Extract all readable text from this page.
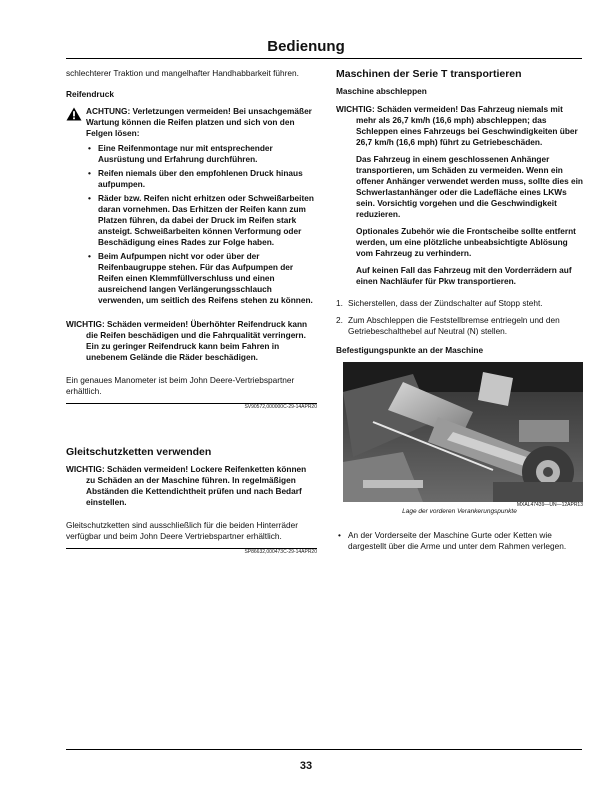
Bedienung

schlechterer Traktion und mangelhafter Handhabbarkeit führen.

Reifendruck

ACHTUNG: Verletzungen vermeiden! Bei unsachgemäßer Wartung können die Reifen platzen und sich von den Felgen lösen:

• Eine Reifenmontage nur mit entsprechender Ausrüstung und Erfahrung durchführen.
• Reifen niemals über den empfohlenen Druck hinaus aufpumpen.
• Räder bzw. Reifen nicht erhitzen oder Schweißarbeiten daran vornehmen. Das Erhitzen der Reifen kann zum Platzen führen, da dabei der Druck im Reifen stark ansteigt. Schweißarbeiten können Verformung oder Beschädigung eines Rades zur Folge haben.
• Beim Aufpumpen nicht vor oder über der Reifenbaugruppe stehen. Für das Aufpumpen der Reifen einen Klemmfüllverschluss und einen ausreichend langen Verlängerungsschlauch verwenden, um seitlich des Reifens stehen zu können.

WICHTIG: Schäden vermeiden! Überhöhter Reifendruck kann die Reifen beschädigen und die Fahrqualität verringern. Ein zu geringer Reifendruck kann beim Fahren in unebenem Gelände die Räder beschädigen.

Ein genaues Manometer ist beim John Deere-Vertriebspartner erhältlich.

SV90572,000000C-29-14APR20

Gleitschutzketten verwenden

WICHTIG: Schäden vermeiden! Lockere Reifenketten können zu Schäden an der Maschine führen. In regelmäßigen Abständen die Kettendichtheit prüfen und nach Bedarf einstellen.

Gleitschutzketten sind ausschließlich für die beiden Hinterräder verfügbar und beim John Deere Vertriebspartner erhältlich.

SP86632,000473C-29-14APR20

Maschinen der Serie T transportieren

Maschine abschleppen

WICHTIG: Schäden vermeiden! Das Fahrzeug niemals mit mehr als 26,7 km/h (16,6 mph) abschleppen; das Schleppen eines Fahrzeugs bei Geschwindigkeiten über 26,7 km/h (16,6 mph) führt zu Getriebeschäden.

Das Fahrzeug in einem geschlossenen Anhänger transportieren, um Schäden zu vermeiden. Wenn ein offener Anhänger verwendet werden muss, sollte dies ein Schwerlastanhänger oder die Ladefläche eines LKWs sein. Vorsichtig vorgehen und die Geschwindigkeit reduzieren.

Optionales Zubehör wie die Frontscheibe sollte entfernt werden, um eine plötzliche unbeabsichtigte Ablösung vom Fahrzeug zu verhindern.

Auf keinen Fall das Fahrzeug mit den Vorderrädern auf einen Nachläufer für Pkw transportieren.

1. Sicherstellen, dass der Zündschalter auf Stopp steht.
2. Zum Abschleppen die Feststellbremse entriegeln und den Getriebeschalthebel auf Neutral (N) stellen.

Befestigungspunkte an der Maschine

MXAL47439—UN—12APR13

Lage der vorderen Verankerungspunkte

• An der Vorderseite der Maschine Gurte oder Ketten wie dargestellt über die Arme und unter dem Rahmen verlegen.
33
